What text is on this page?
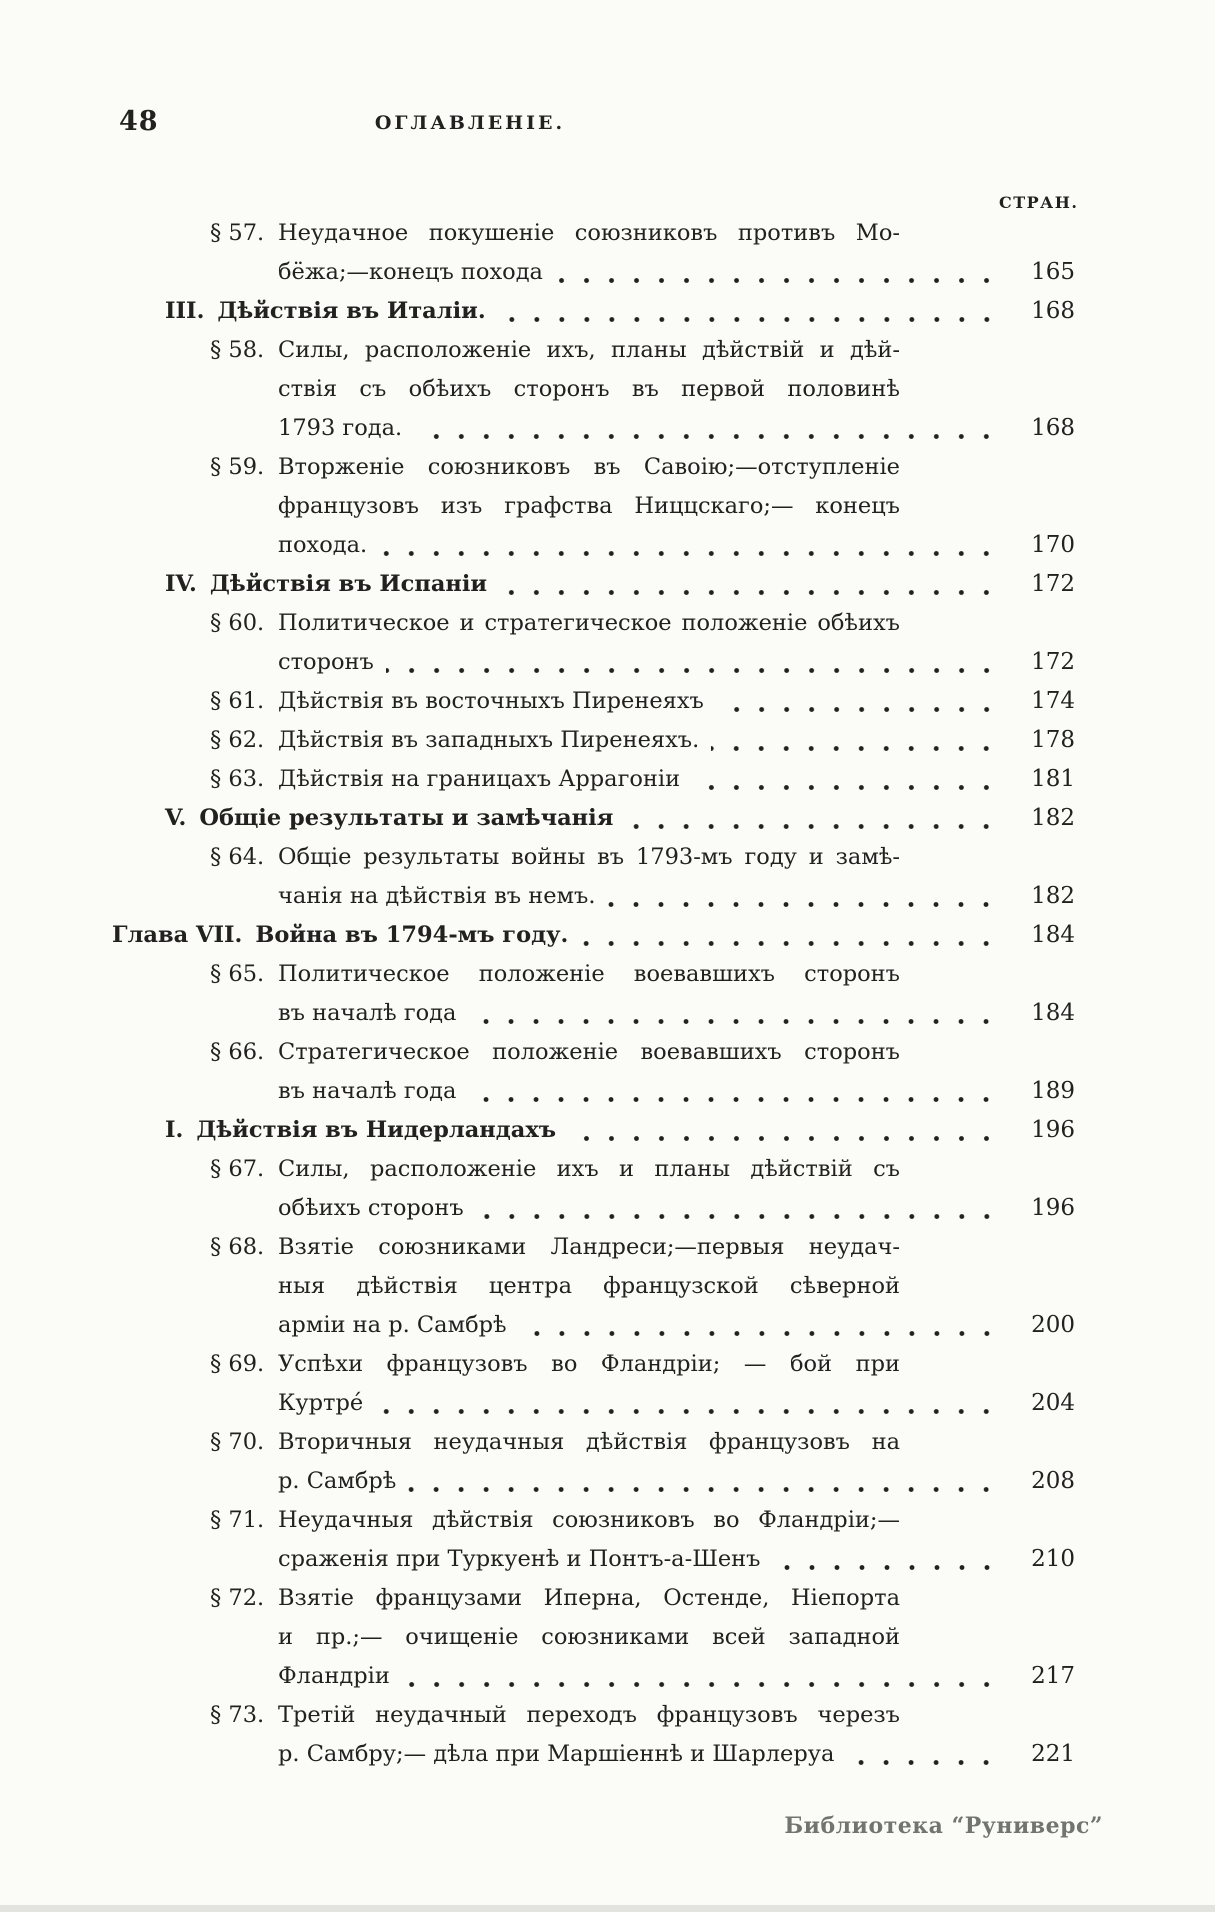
48	ОГЛАВЛЕНІЕ.
СТРАН.
§ 57. Неудачное покушеніе союзниковъ противъ Мо-
бёжа;—конецъ похода	165
III. Дѣйствія въ Италіи.	168
§ 58. Силы, расположеніе ихъ, планы дѣйствій и дѣй-
ствія съ обѣихъ сторонъ въ первой половинѣ
1793 года.	168
§ 59. Вторженіе союзниковъ въ Савоію;—отступленіе
французовъ изъ графства Ниццскаго;— конецъ
похода.	170
IV. Дѣйствія въ Испаніи	172
§ 60. Политическое и стратегическое положеніе обѣихъ
сторонъ	172
§ 61. Дѣйствія въ восточныхъ Пиренеяхъ	174
§ 62. Дѣйствія въ западныхъ Пиренеяхъ.	178
§ 63. Дѣйствія на границахъ Аррагоніи	181
V. Общіе результаты и замѣчанія	182
§ 64. Общіе результаты войны въ 1793-мъ году и замѣ-
чанія на дѣйствія въ немъ.	182
Глава VII. Война въ 1794-мъ году.	184
§ 65. Политическое положеніе воевавшихъ сторонъ
въ началѣ года	184
§ 66. Стратегическое положеніе воевавшихъ сторонъ
въ началѣ года	189
I. Дѣйствія въ Нидерландахъ	196
§ 67. Силы, расположеніе ихъ и планы дѣйствій съ
обѣихъ сторонъ	196
§ 68. Взятіе союзниками Ландреси;—первыя неудач-
ныя дѣйствія центра французской сѣверной
арміи на р. Самбрѣ	200
§ 69. Успѣхи французовъ во Фландріи; — бой при
Куртре́	204
§ 70. Вторичныя неудачныя дѣйствія французовъ на
р. Самбрѣ	208
§ 71. Неудачныя дѣйствія союзниковъ во Фландріи;—
сраженія при Туркуенѣ и Понтъ-а-Шенъ	210
§ 72. Взятіе французами Иперна, Остенде, Ніепорта
и пр.;— очищеніе союзниками всей западной
Фландріи	217
§ 73. Третій неудачный переходъ французовъ черезъ
р. Самбру;— дѣла при Маршіеннѣ и Шарлеруа	221
Библиотека “Руниверс”
